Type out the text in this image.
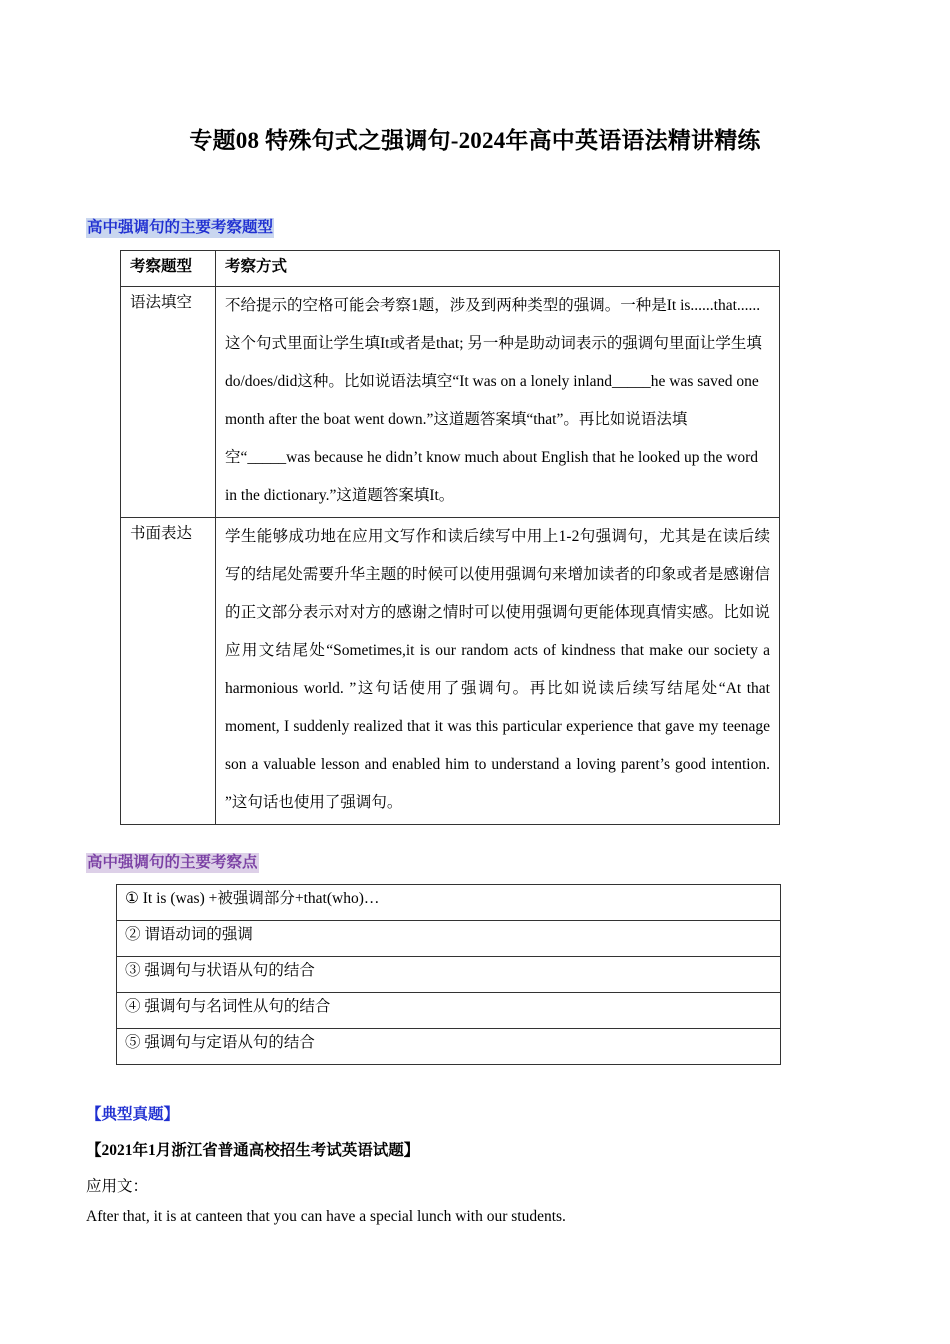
专题08 特殊句式之强调句-2024年高中英语语法精讲精练
高中强调句的主要考察题型
考察题型	考察方式
语法填空	不给提示的空格可能会考察1题，涉及到两种类型的强调。一种是It is......that......这个句式里面让学生填It或者是that; 另一种是助动词表示的强调句里面让学生填do/does/did这种。比如说语法填空“It was on a lonely inland_____he was saved one month after the boat went down.”这道题答案填“that”。再比如说语法填空“_____was because he didn’t know much about English that he looked up the word in the dictionary.”这道题答案填It。
书面表达	学生能够成功地在应用文写作和读后续写中用上1-2句强调句，尤其是在读后续写的结尾处需要升华主题的时候可以使用强调句来增加读者的印象或者是感谢信的正文部分表示对对方的感谢之情时可以使用强调句更能体现真情实感。比如说应用文结尾处“Sometimes,it is our random acts of kindness that make our society a harmonious world. ”这句话使用了强调句。再比如说读后续写结尾处“At that moment, I suddenly realized that it was this particular experience that gave my teenage son a valuable lesson and enabled him to understand a loving parent’s good intention. ”这句话也使用了强调句。
高中强调句的主要考察点
① It is (was) +被强调部分+that(who)…
② 谓语动词的强调
③ 强调句与状语从句的结合
④ 强调句与名词性从句的结合
⑤ 强调句与定语从句的结合
【典型真题】
【2021年1月浙江省普通高校招生考试英语试题】
应用文：
After that, it is at canteen that you can have a special lunch with our students.
